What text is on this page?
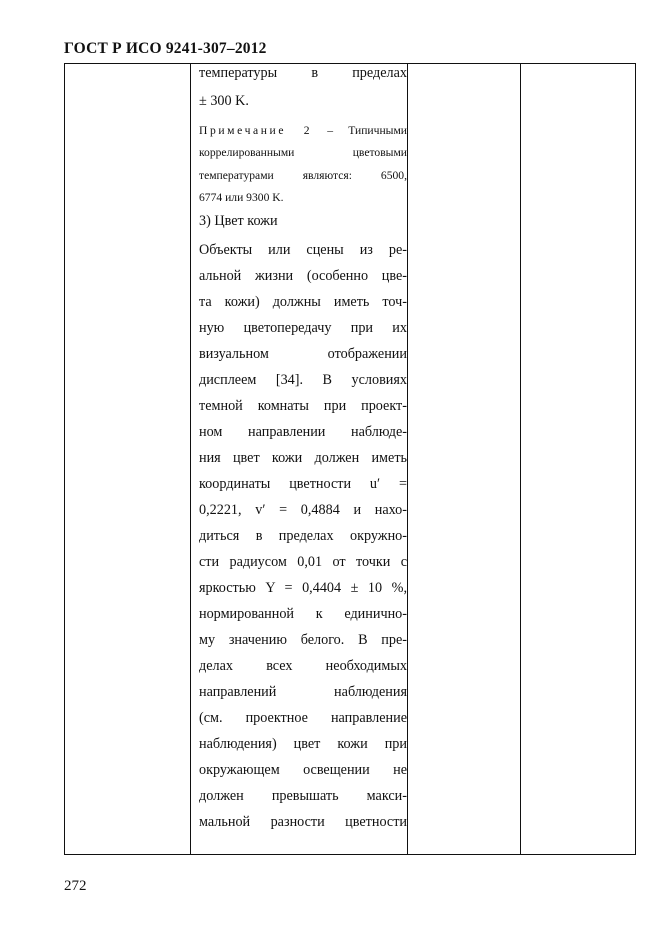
ГОСТ Р ИСО 9241-307–2012
температуры в пределах
± 300 K.
Примечание 2 – Типичными
коррелированными цветовыми
температурами являются: 6500,
6774 или 9300 K.
3) Цвет кожи
Объекты или сцены из ре-
альной жизни (особенно цве-
та кожи) должны иметь точ-
ную цветопередачу при их
визуальном отображении
дисплеем [34]. В условиях
темной комнаты при проект-
ном направлении наблюде-
ния цвет кожи должен иметь
координаты цветности u′ =
0,2221, v′ = 0,4884 и нахо-
диться в пределах окружно-
сти радиусом 0,01 от точки с
яркостью Y = 0,4404 ± 10 %,
нормированной к единично-
му значению белого. В пре-
делах всех необходимых
направлений наблюдения
(см. проектное направление
наблюдения) цвет кожи при
окружающем освещении не
должен превышать макси-
мальной разности цветности
272
